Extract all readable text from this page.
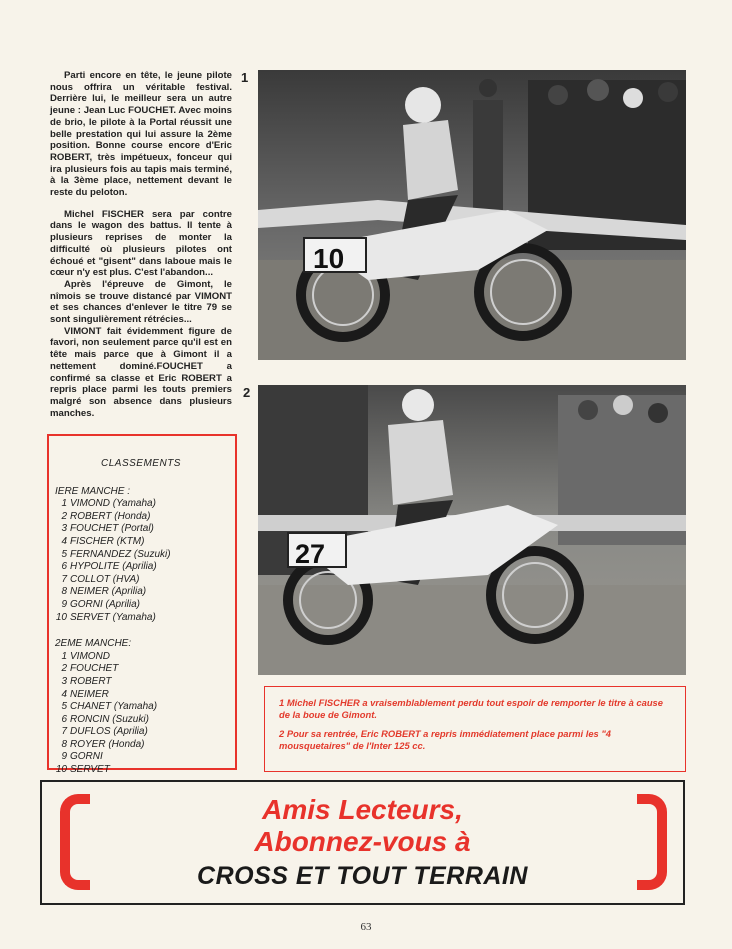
Parti encore en tête, le jeune pilote nous offrira un véritable festival. Derrière lui, le meilleur sera un autre jeune : Jean Luc FOUCHET. Avec moins de brio, le pilote à la Portal réussit une belle prestation qui lui assure la 2ème position. Bonne course encore d'Eric ROBERT, très impétueux, fonceur qui ira plusieurs fois au tapis mais terminé, à la 3ème place, nettement devant le reste du peloton.

Michel FISCHER sera par contre dans le wagon des battus. Il tente à plusieurs reprises de monter la difficulté où plusieurs pilotes ont échoué et "gisent" dans laboue mais le cœur n'y est plus. C'est l'abandon...

Après l'épreuve de Gimont, le nîmois se trouve distancé par VIMONT et ses chances d'enlever le titre 79 se sont singulièrement rétrécies...

VIMONT fait évidemment figure de favori, non seulement parce qu'il est en tête mais parce que à Gimont il a nettement dominé.FOUCHET a confirmé sa classe et Eric ROBERT a repris place parmi les touts premiers malgré son absence dans plusieurs manches.

CLASSEMENTS
IERE MANCHE :
1 VIMOND (Yamaha)
2 ROBERT (Honda)
3 FOUCHET (Portal)
4 FISCHER (KTM)
5 FERNANDEZ (Suzuki)
6 HYPOLITE (Aprilia)
7 COLLOT (HVA)
8 NEIMER (Aprilia)
9 GORNI (Aprilia)
10 SERVET (Yamaha)
2EME MANCHE:
1 VIMOND
2 FOUCHET
3 ROBERT
4 NEIMER
5 CHANET (Yamaha)
6 RONCIN (Suzuki)
7 DUFLOS (Aprilia)
8 ROYER (Honda)
9 GORNI
10 SERVET
1
10
2
27

1 Michel FISCHER a vraisemblablement perdu tout espoir de remporter le titre à cause de la boue de Gimont.

2 Pour sa rentrée, Eric ROBERT a repris immédiatement place parmi les "4 mousquetaires" de l'Inter 125 cc.

Amis Lecteurs,
Abonnez-vous à
CROSS ET TOUT TERRAIN
63
